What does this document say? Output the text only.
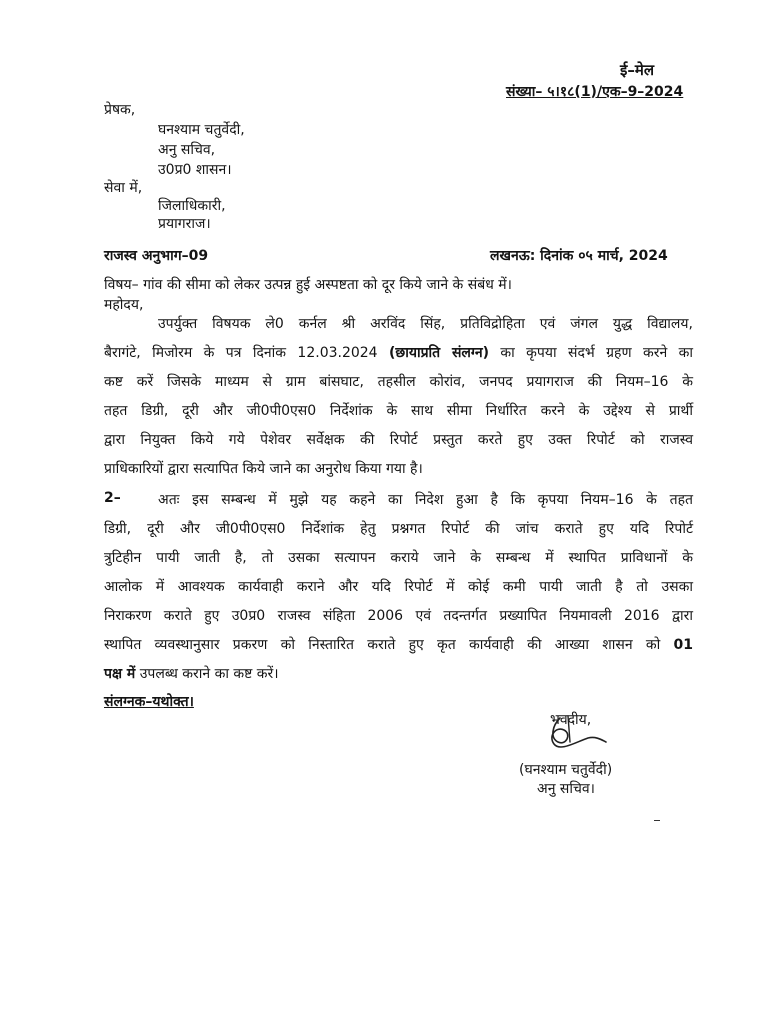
ई–मेल
संख्या– ५।१८(1)/एक–9–2024
प्रेषक,
घनश्याम चतुर्वेदी,
अनु सचिव,
उ0प्र0 शासन।
सेवा में,
जिलाधिकारी,
प्रयागराज।
राजस्व अनुभाग–09	लखनऊ: दिनांक ०५ मार्च, 2024
विषय– गांव की सीमा को लेकर उत्पन्न हुई अस्पष्टता को दूर किये जाने के संबंध में।
महोदय,
उपर्युक्त विषयक ले0 कर्नल श्री अरविंद सिंह, प्रतिविद्रोहिता एवं जंगल युद्ध विद्यालय,
बैरागंटे, मिजोरम के पत्र दिनांक 12.03.2024 (छायाप्रति संलग्न) का कृपया संदर्भ ग्रहण करने का
कष्ट करें जिसके माध्यम से ग्राम बांसघाट, तहसील कोरांव, जनपद प्रयागराज की नियम–16 के
तहत डिग्री, दूरी और जी0पी0एस0 निर्देशांक के साथ सीमा निर्धारित करने के उद्देश्य से प्रार्थी
द्वारा नियुक्त किये गये पेशेवर सर्वेक्षक की रिपोर्ट प्रस्तुत करते हुए उक्त रिपोर्ट को राजस्व
प्राधिकारियों द्वारा सत्यापित किये जाने का अनुरोध किया गया है।
2–	अतः इस सम्बन्ध में मुझे यह कहने का निदेश हुआ है कि कृपया नियम–16 के तहत
डिग्री, दूरी और जी0पी0एस0 निर्देशांक हेतु प्रश्नगत रिपोर्ट की जांच कराते हुए यदि रिपोर्ट
त्रुटिहीन पायी जाती है, तो उसका सत्यापन कराये जाने के सम्बन्ध में स्थापित प्राविधानों के
आलोक में आवश्यक कार्यवाही कराने और यदि रिपोर्ट में कोई कमी पायी जाती है तो उसका
निराकरण कराते हुए उ0प्र0 राजस्व संहिता 2006 एवं तदन्तर्गत प्रख्यापित नियमावली 2016 द्वारा
स्थापित व्यवस्थानुसार प्रकरण को निस्तारित कराते हुए कृत कार्यवाही की आख्या शासन को 01
पक्ष में उपलब्ध कराने का कष्ट करें।
संलग्नक–यथोक्त।
भवदीय,
(घनश्याम चतुर्वेदी)
अनु सचिव।
